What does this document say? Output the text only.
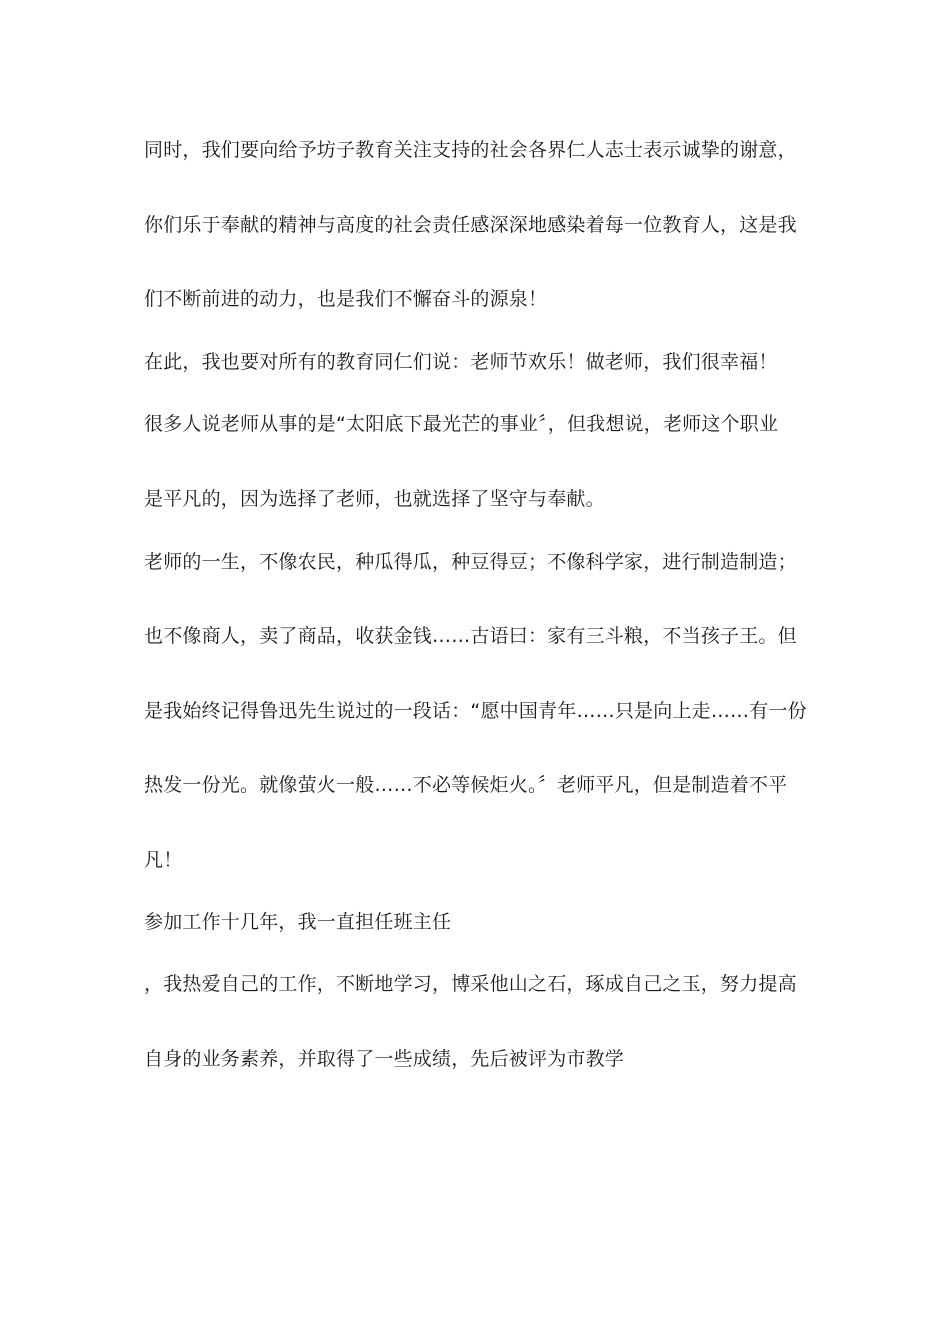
同时，我们要向给予坊子教育关注支持的社会各界仁人志士表示诚挚的谢意，

你们乐于奉献的精神与高度的社会责任感深深地感染着每一位教育人，这是我

们不断前进的动力，也是我们不懈奋斗的源泉！

在此，我也要对所有的教育同仁们说：老师节欢乐！做老师，我们很幸福！

很多人说老师从事的是“太阳底下最光芒的事业〞，但我想说，老师这个职业

是平凡的，因为选择了老师，也就选择了坚守与奉献。

老师的一生，不像农民，种瓜得瓜，种豆得豆；不像科学家，进行制造制造；

也不像商人，卖了商品，收获金钱……古语曰：家有三斗粮，不当孩子王。但

是我始终记得鲁迅先生说过的一段话：“愿中国青年……只是向上走……有一份

热发一份光。就像萤火一般……不必等候炬火。〞老师平凡，但是制造着不平

凡！

参加工作十几年，我一直担任班主任

，我热爱自己的工作，不断地学习，博采他山之石，琢成自己之玉，努力提高

自身的业务素养，并取得了一些成绩，先后被评为市教学
